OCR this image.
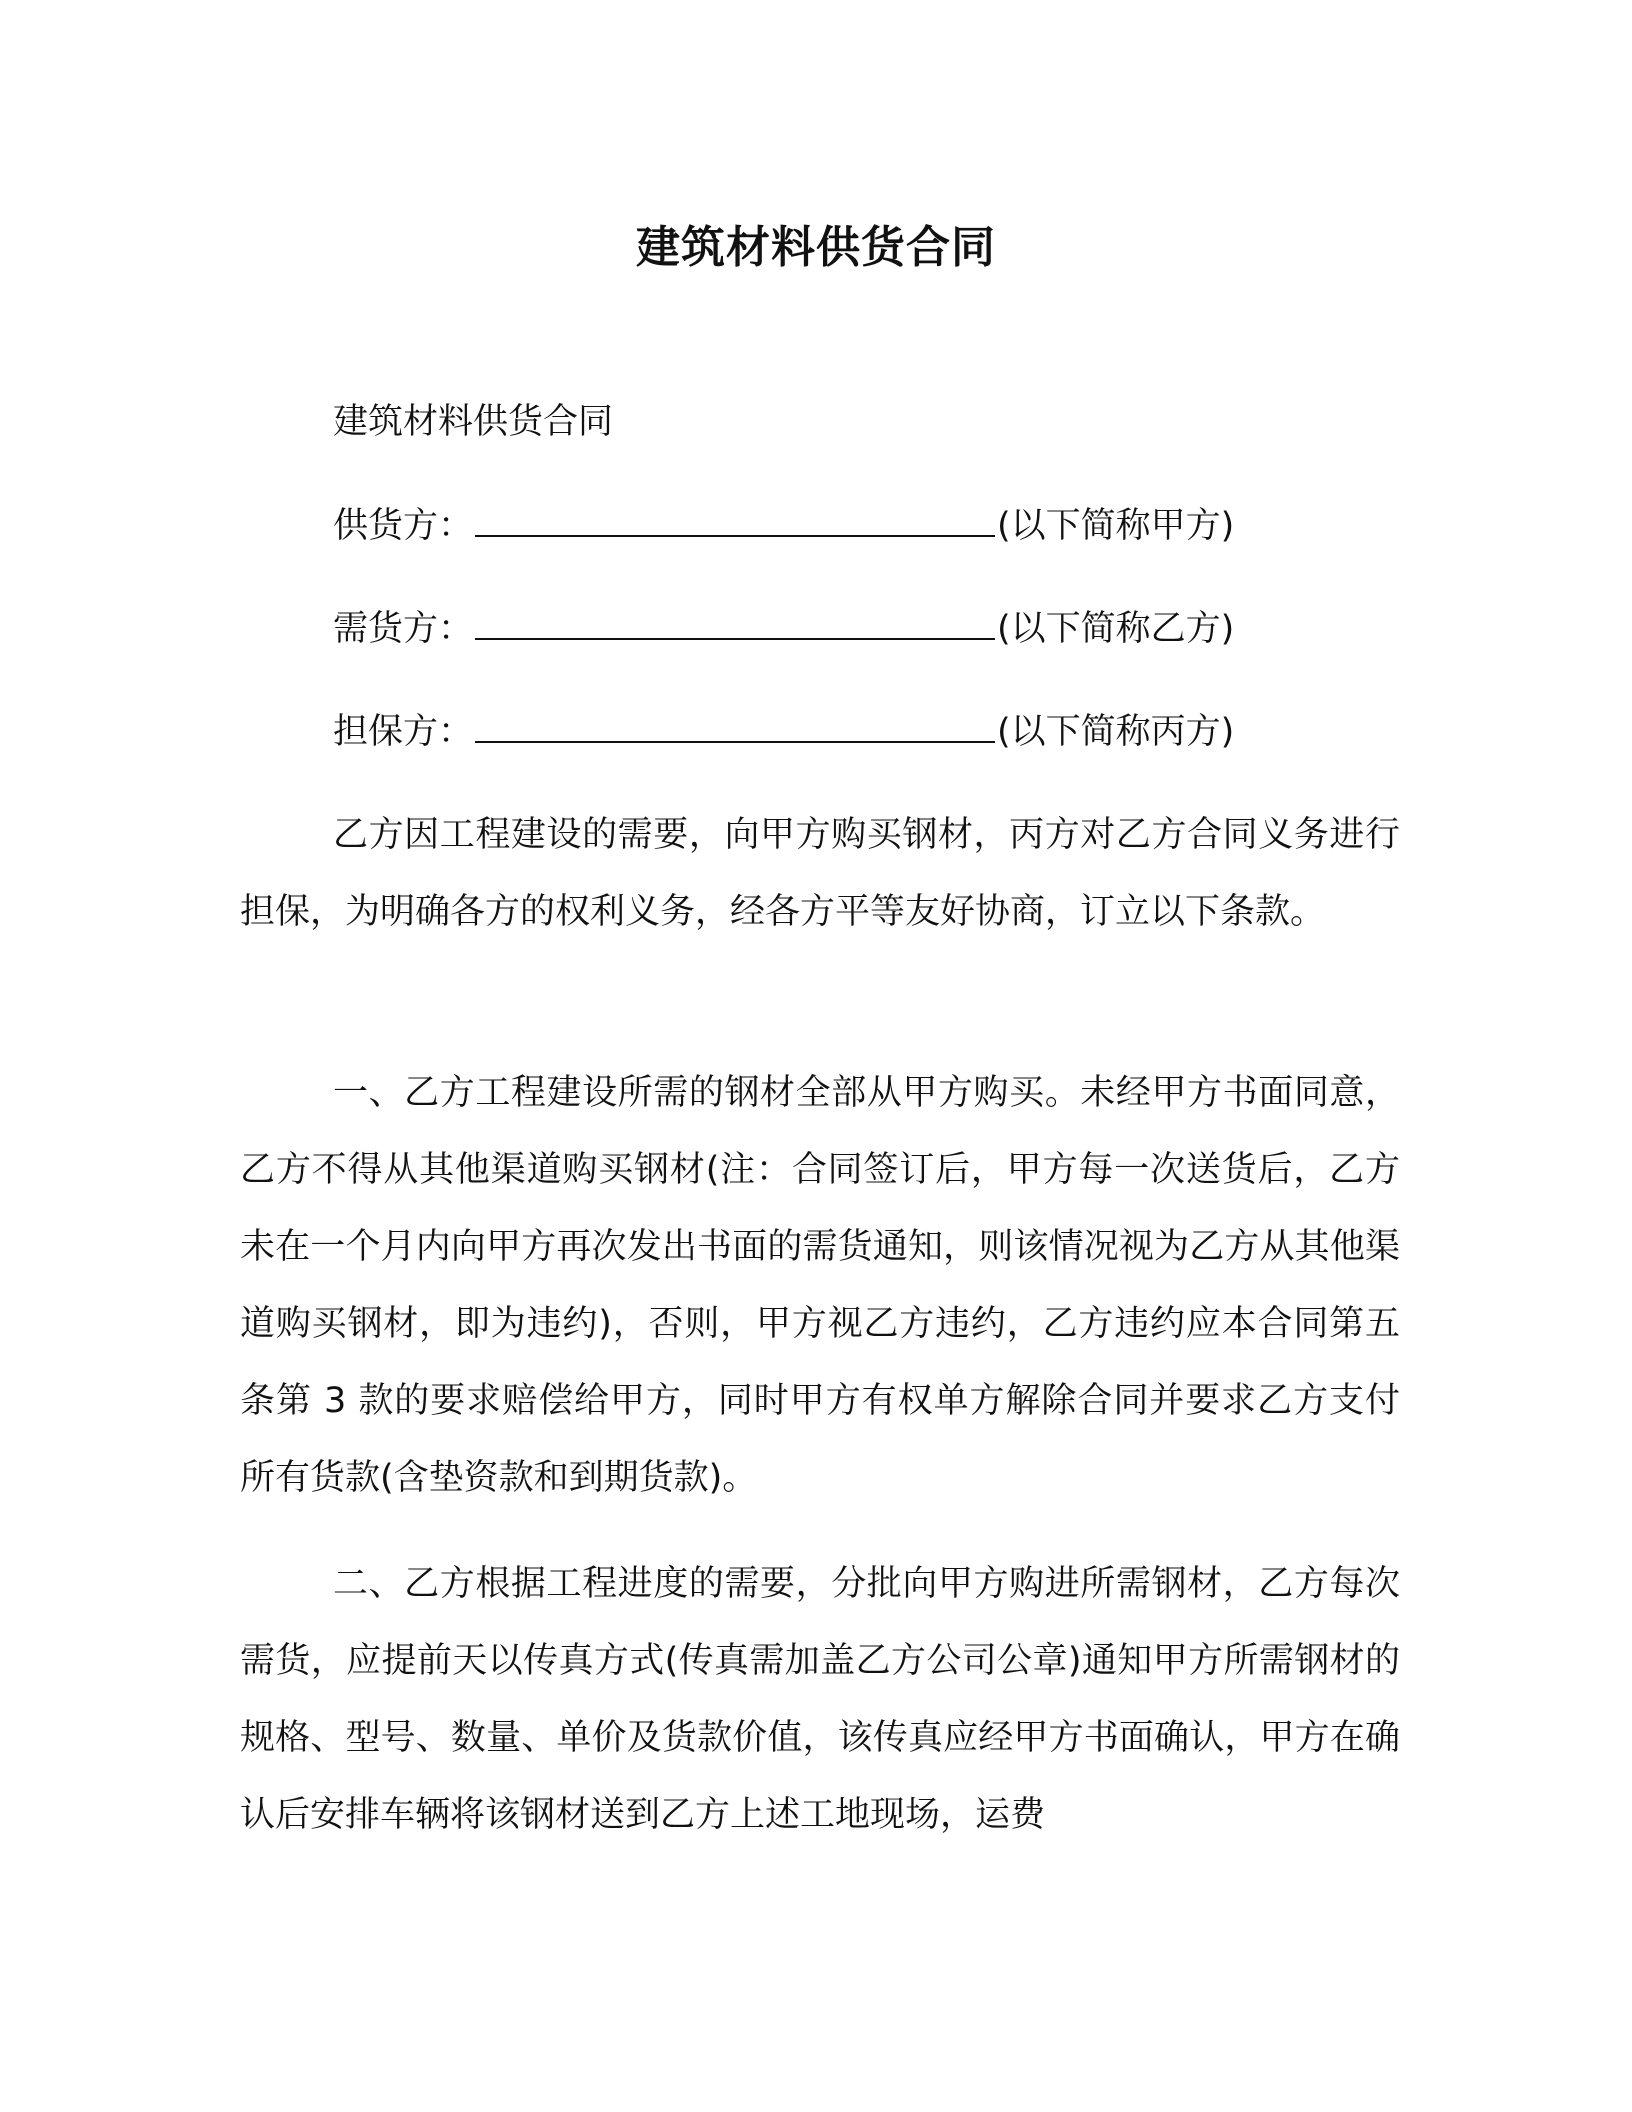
建筑材料供货合同
建筑材料供货合同
供货方：	(以下简称甲方)
需货方：	(以下简称乙方)
担保方：	(以下简称丙方)

乙方因工程建设的需要，向甲方购买钢材，丙方对乙方合同义务进行担保，为明确各方的权利义务，经各方平等友好协商，订立以下条款。

一、乙方工程建设所需的钢材全部从甲方购买。未经甲方书面同意，乙方不得从其他渠道购买钢材(注：合同签订后，甲方每一次送货后，乙方未在一个月内向甲方再次发出书面的需货通知，则该情况视为乙方从其他渠道购买钢材，即为违约)，否则，甲方视乙方违约，乙方违约应本合同第五条第 3 款的要求赔偿给甲方，同时甲方有权单方解除合同并要求乙方支付所有货款(含垫资款和到期货款)。

二、乙方根据工程进度的需要，分批向甲方购进所需钢材，乙方每次需货，应提前天以传真方式(传真需加盖乙方公司公章)通知甲方所需钢材的规格、型号、数量、单价及货款价值，该传真应经甲方书面确认，甲方在确认后安排车辆将该钢材送到乙方上述工地现场，运费
